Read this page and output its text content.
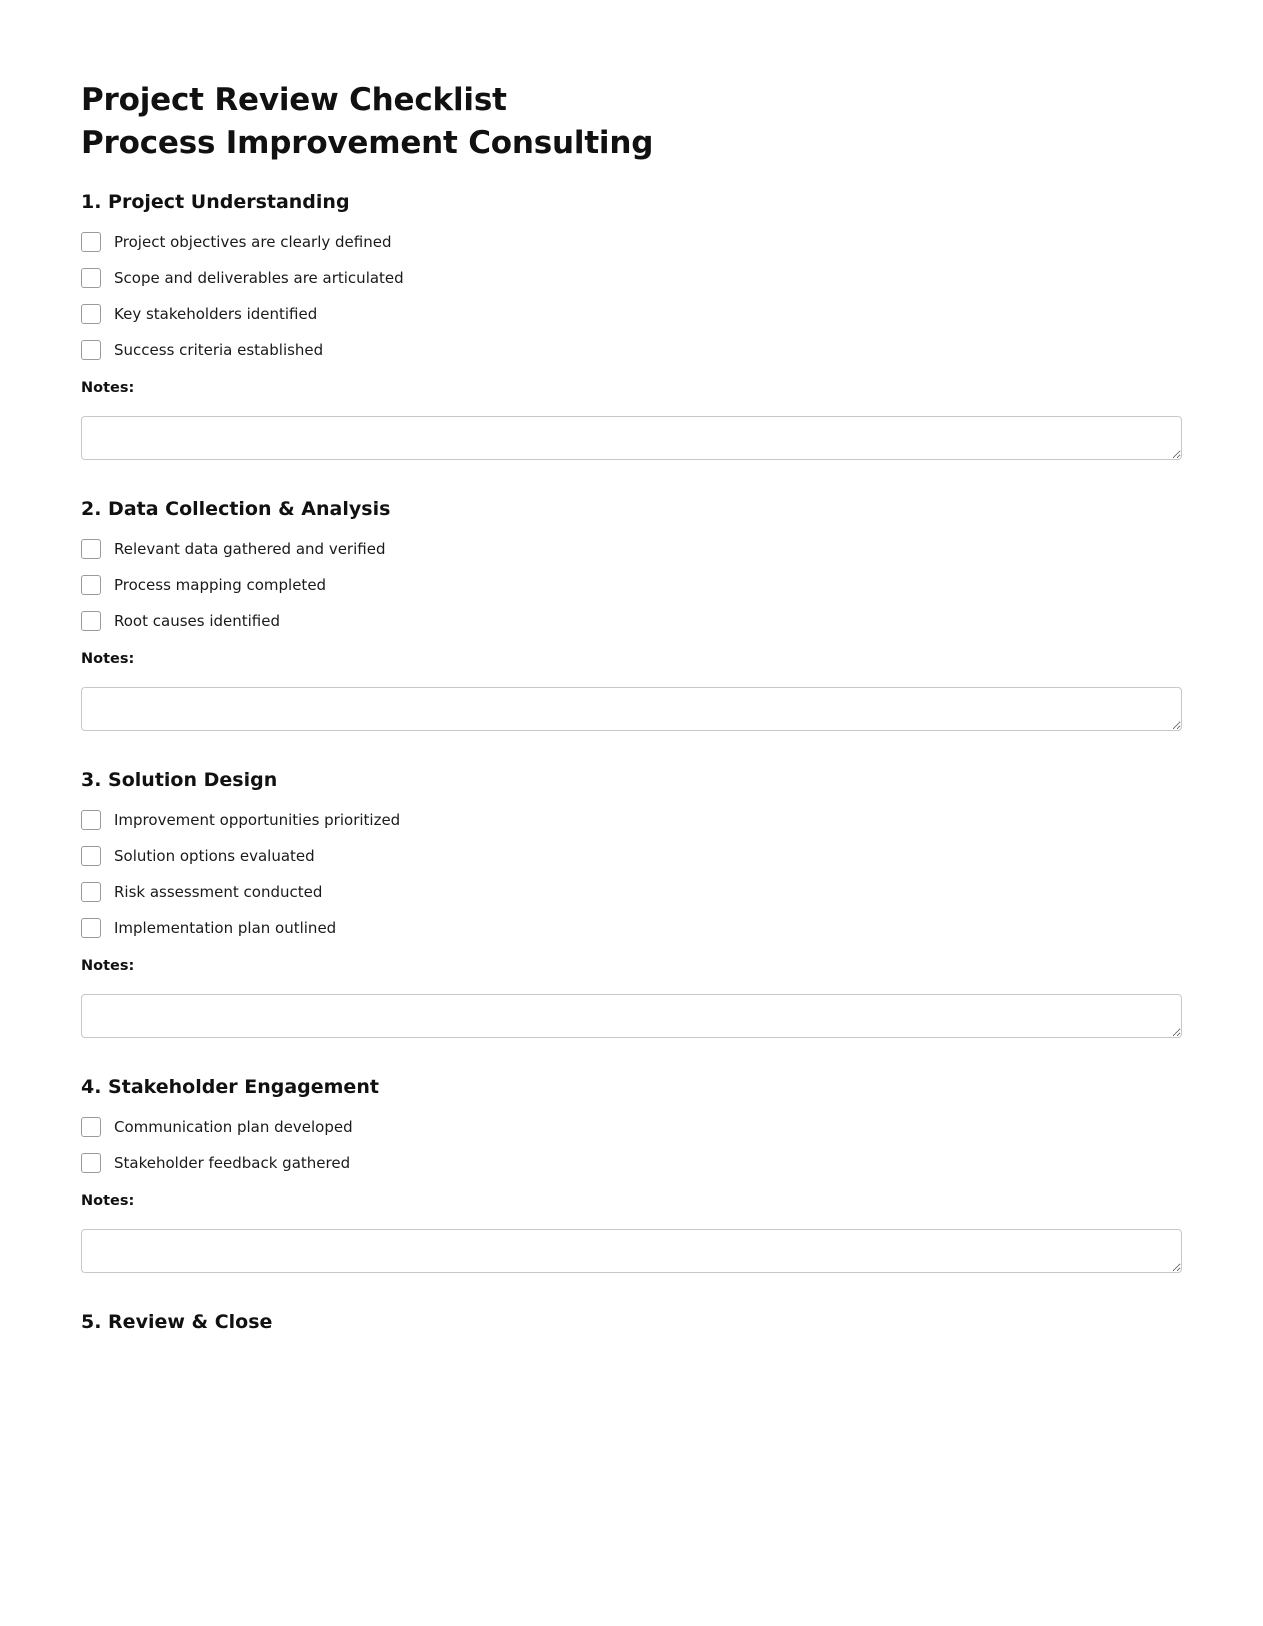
Project Review Checklist
Process Improvement Consulting
1. Project Understanding
Project objectives are clearly defined
Scope and deliverables are articulated
Key stakeholders identified
Success criteria established
Notes:
2. Data Collection & Analysis
Relevant data gathered and verified
Process mapping completed
Root causes identified
Notes:
3. Solution Design
Improvement opportunities prioritized
Solution options evaluated
Risk assessment conducted
Implementation plan outlined
Notes:
4. Stakeholder Engagement
Communication plan developed
Stakeholder feedback gathered
Notes:
5. Review & Close
